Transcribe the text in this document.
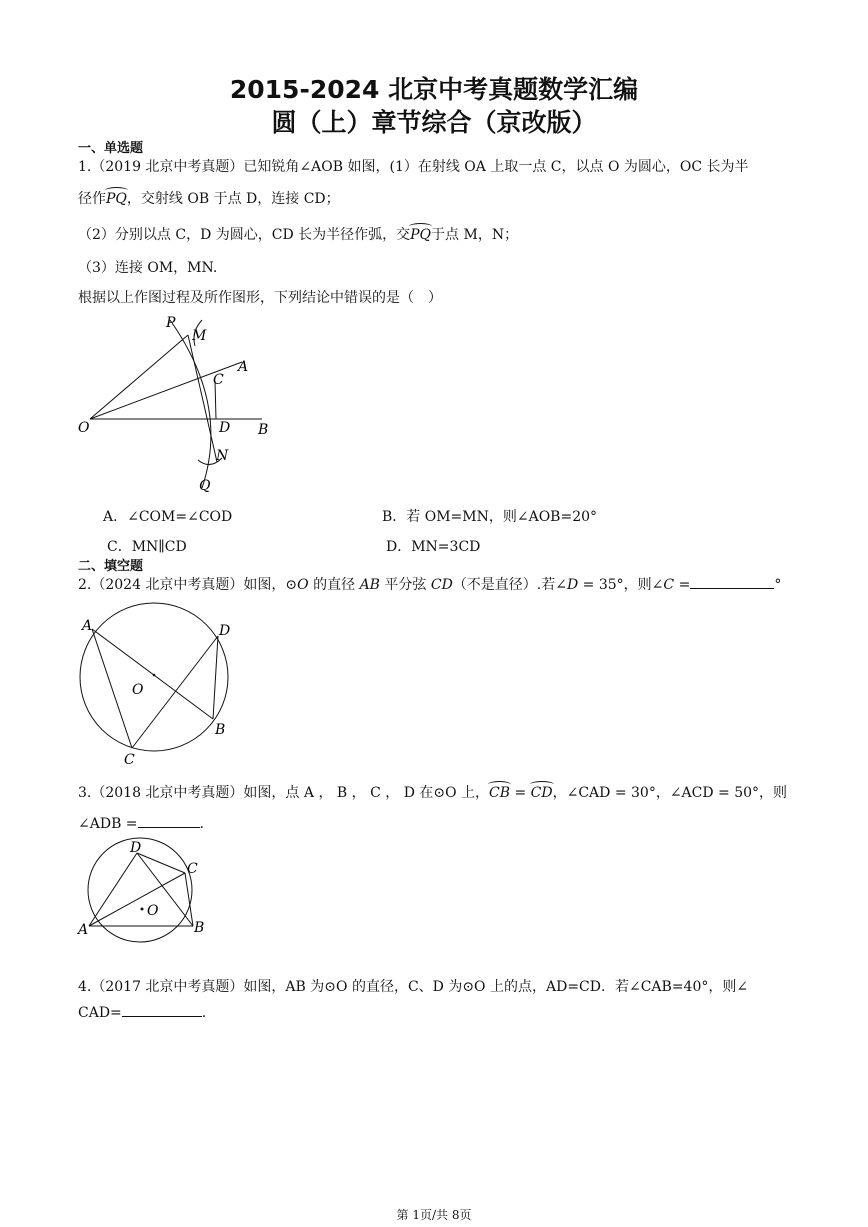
2015-2024 北京中考真题数学汇编
圆（上）章节综合（京改版）
一、单选题
1.（2019 北京中考真题）已知锐角∠AOB 如图，(1）在射线 OA 上取一点 C，以点 O 为圆心，OC 长为半
径作PQ，交射线 OB 于点 D，连接 CD；
（2）分别以点 C，D 为圆心，CD 长为半径作弧，交PQ于点 M，N；
（3）连接 OM，MN.
根据以上作图过程及所作图形，下列结论中错误的是（　）
P
M
A
C
O	D B
N
Q
A．∠COM=∠COD	B．若 OM=MN，则∠AOB=20°
C．MN∥CD	D．MN=3CD
二、填空题
2.（2024 北京中考真题）如图，⊙O 的直径 AB 平分弦 CD（不是直径）.若∠D = 35°，则∠C =	°
A	D
O
B
C
3.（2018 北京中考真题）如图，点 A ， B ， C ， D 在⊙O 上，CB = CD，∠CAD = 30°，∠ACD = 50°，则
∠ADB =	.
D
C
O
A	B
4.（2017 北京中考真题）如图，AB 为⊙O 的直径，C、D 为⊙O 上的点，AD=CD．若∠CAB=40°，则∠
CAD=	.
第 1页/共 8页
